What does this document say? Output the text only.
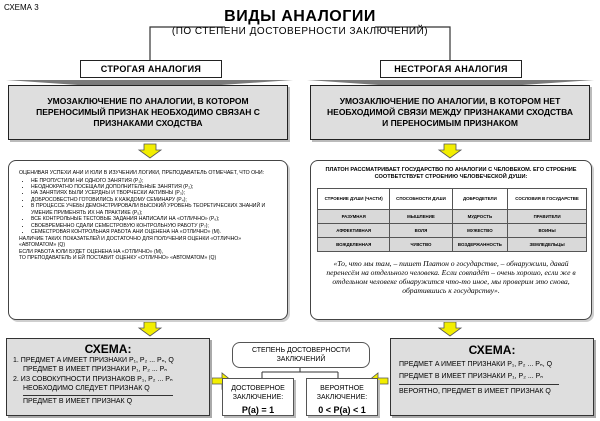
СХЕМА 3
ВИДЫ АНАЛОГИИ
(ПО СТЕПЕНИ ДОСТОВЕРНОСТИ ЗАКЛЮЧЕНИЙ)
СТРОГАЯ АНАЛОГИЯ
УМОЗАКЛЮЧЕНИЕ ПО АНАЛОГИИ, В КОТОРОМ ПЕРЕНОСИМЫЙ ПРИЗНАК НЕОБХОДИМО СВЯЗАН С ПРИЗНАКАМИ СХОДСТВА
ОЦЕНИВАЯ УСПЕХИ АНИ И ЮЛИ В ИЗУЧЕНИИ ЛОГИКИ, ПРЕПОДАВАТЕЛЬ ОТМЕЧАЕТ, ЧТО ОНИ:
• НЕ ПРОПУСТИЛИ НИ ОДНОГО ЗАНЯТИЯ (P₁);
• НЕОДНОКРАТНО ПОСЕЩАЛИ ДОПОЛНИТЕЛЬНЫЕ ЗАНЯТИЯ (P₂);
• НА ЗАНЯТИЯХ БЫЛИ УСЕРДНЫ И ТВОРЧЕСКИ АКТИВНЫ (P₃);
• ДОБРОСОВЕСТНО ГОТОВИЛИСЬ К КАЖДОМУ СЕМИНАРУ (P₄);
• В ПРОЦЕССЕ УЧЕБЫ ДЕМОНСТРИРОВАЛИ ВЫСОКИЙ УРОВЕНЬ ТЕОРЕТИЧЕСКИХ ЗНАНИЙ И УМЕНИЕ ПРИМЕНЯТЬ ИХ НА ПРАКТИКЕ (P₅);
• ВСЕ КОНТРОЛЬНЫЕ ТЕСТОВЫЕ ЗАДАНИЯ НАПИСАЛИ НА «ОТЛИЧНО» (P₆);
• СВОЕВРЕМЕННО СДАЛИ СЕМЕСТРОВУЮ КОНТРОЛЬНУЮ РАБОТУ (P₇);
• СЕМЕСТРОВАЯ КОНТРОЛЬНАЯ РАБОТА АНИ ОЦЕНЕНА НА «ОТЛИЧНО» (M).
НАЛИЧИЕ ТАКИХ ПОКАЗАТЕЛЕЙ И ДОСТАТОЧНО ДЛЯ ПОЛУЧЕНИЯ ОЦЕНКИ «ОТЛИЧНО» «АВТОМАТОМ» (Q)
ЕСЛИ РАБОТА ЮЛИ БУДЕТ ОЦЕНЕНА НА «ОТЛИЧНО» (M),
ТО ПРЕПОДАВАТЕЛЬ И ЕЙ ПОСТАВИТ ОЦЕНКУ «ОТЛИЧНО» «АВТОМАТОМ» (Q)
СХЕМА:
1. ПРЕДМЕТ A ИМЕЕТ ПРИЗНАКИ P₁, P₂ ... Pₙ, Q
ПРЕДМЕТ B ИМЕЕТ ПРИЗНАКИ P₁, P₂ ... Pₙ
2. ИЗ СОВОКУПНОСТИ ПРИЗНАКОВ P₁, P₂ ... Pₙ
НЕОБХОДИМО СЛЕДУЕТ ПРИЗНАК Q
ПРЕДМЕТ B ИМЕЕТ ПРИЗНАК Q
НЕСТРОГАЯ АНАЛОГИЯ
УМОЗАКЛЮЧЕНИЕ ПО АНАЛОГИИ, В КОТОРОМ НЕТ НЕОБХОДИМОЙ СВЯЗИ МЕЖДУ ПРИЗНАКАМИ СХОДСТВА И ПЕРЕНОСИМЫМ ПРИЗНАКОМ
ПЛАТОН РАССМАТРИВАЕТ ГОСУДАРСТВО ПО АНАЛОГИИ С ЧЕЛОВЕКОМ. ЕГО СТРОЕНИЕ СООТВЕТСТВУЕТ СТРОЕНИЮ ЧЕЛОВЕЧЕСКОЙ ДУШИ:
СТРОЕНИЕ ДУШИ (ЧАСТИ)	СПОСОБНОСТИ ДУШИ	ДОБРОДЕТЕЛИ	СОСЛОВИЯ В ГОСУДАРСТВЕ
РАЗУМНАЯ	МЫШЛЕНИЕ	МУДРОСТЬ	ПРАВИТЕЛИ
АФФЕКТИВНАЯ	ВОЛЯ	МУЖЕСТВО	ВОИНЫ
ВОЖДЕЛЕННАЯ	ЧУВСТВО	ВОЗДЕРЖАННОСТЬ	ЗЕМЛЕДЕЛЬЦЫ
«То, что мы там, – пишет Платон о государстве, – обнаружили, давай перенесём на отдельного человека. Если совпадёт – очень хорошо, если же в отдельном человеке обнаружится что-то иное, мы проверим это снова, обратившись к государству».
СХЕМА:
ПРЕДМЕТ A ИМЕЕТ ПРИЗНАКИ P₁, P₂ ... Pₙ, Q
ПРЕДМЕТ B ИМЕЕТ ПРИЗНАКИ P₁, P₂ ... Pₙ
ВЕРОЯТНО, ПРЕДМЕТ B ИМЕЕТ ПРИЗНАК Q
СТЕПЕНЬ ДОСТОВЕРНОСТИ ЗАКЛЮЧЕНИЙ
ДОСТОВЕРНОЕ ЗАКЛЮЧЕНИЕ:
P(a) = 1
ВЕРОЯТНОЕ ЗАКЛЮЧЕНИЕ:
0 < P(a) < 1
